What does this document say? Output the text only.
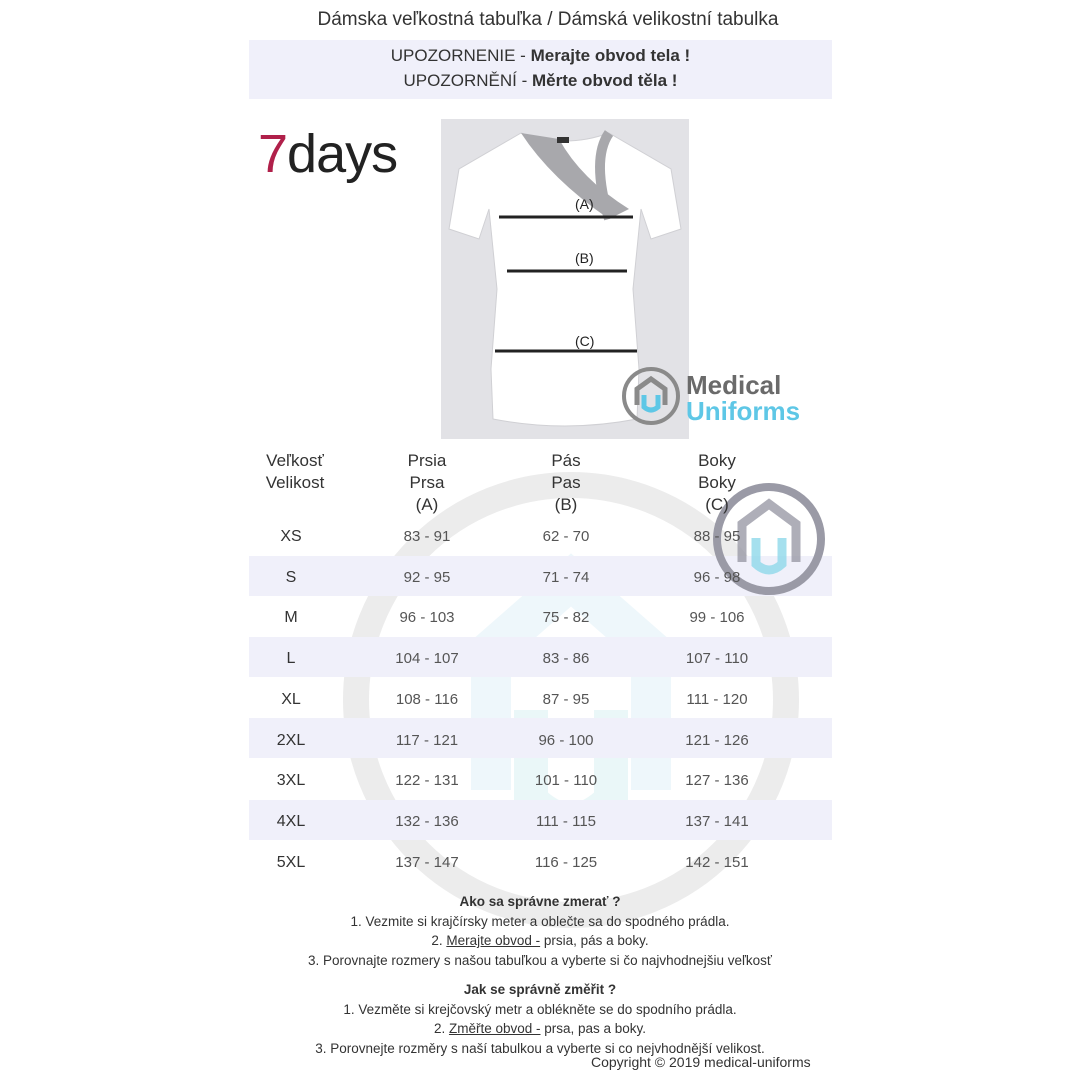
Dámska veľkostná tabuľka / Dámská velikostní tabulka
UPOZORNENIE - Merajte obvod tela !
UPOZORNĚNÍ - Měrte obvod těla !
7days
(A)
(B)
(C)
Medical
Uniforms
Veľkosť
Velikost
Prsia
Prsa
(A)
Pás
Pas
(B)
Boky
Boky
(C)
XS	83 - 91	62 - 70	88 - 95
S	92 - 95	71 - 74	96 - 98
M	96 - 103	75 - 82	99 - 106
L	104 - 107	83 - 86	107 - 110
XL	108 - 116	87 - 95	111 - 120
2XL	117 - 121	96 - 100	121 - 126
3XL	122 - 131	101 - 110	127 - 136
4XL	132 - 136	111 - 115	137 - 141
5XL	137 - 147	116 - 125	142 - 151
Ako sa správne zmerať ?
1. Vezmite si krajčírsky meter a oblečte sa do spodného prádla.
2. Merajte obvod - prsia, pás a boky.
3. Porovnajte rozmery s našou tabuľkou a vyberte si čo najvhodnejšiu veľkosť
Jak se správně změřit ?
1. Vezměte si krejčovský metr a oblékněte se do spodního prádla.
2. Změřte obvod - prsa, pas a boky.
3. Porovnejte rozměry s naší tabulkou a vyberte si co nejvhodnější velikost.
Copyright © 2019 medical-uniforms
